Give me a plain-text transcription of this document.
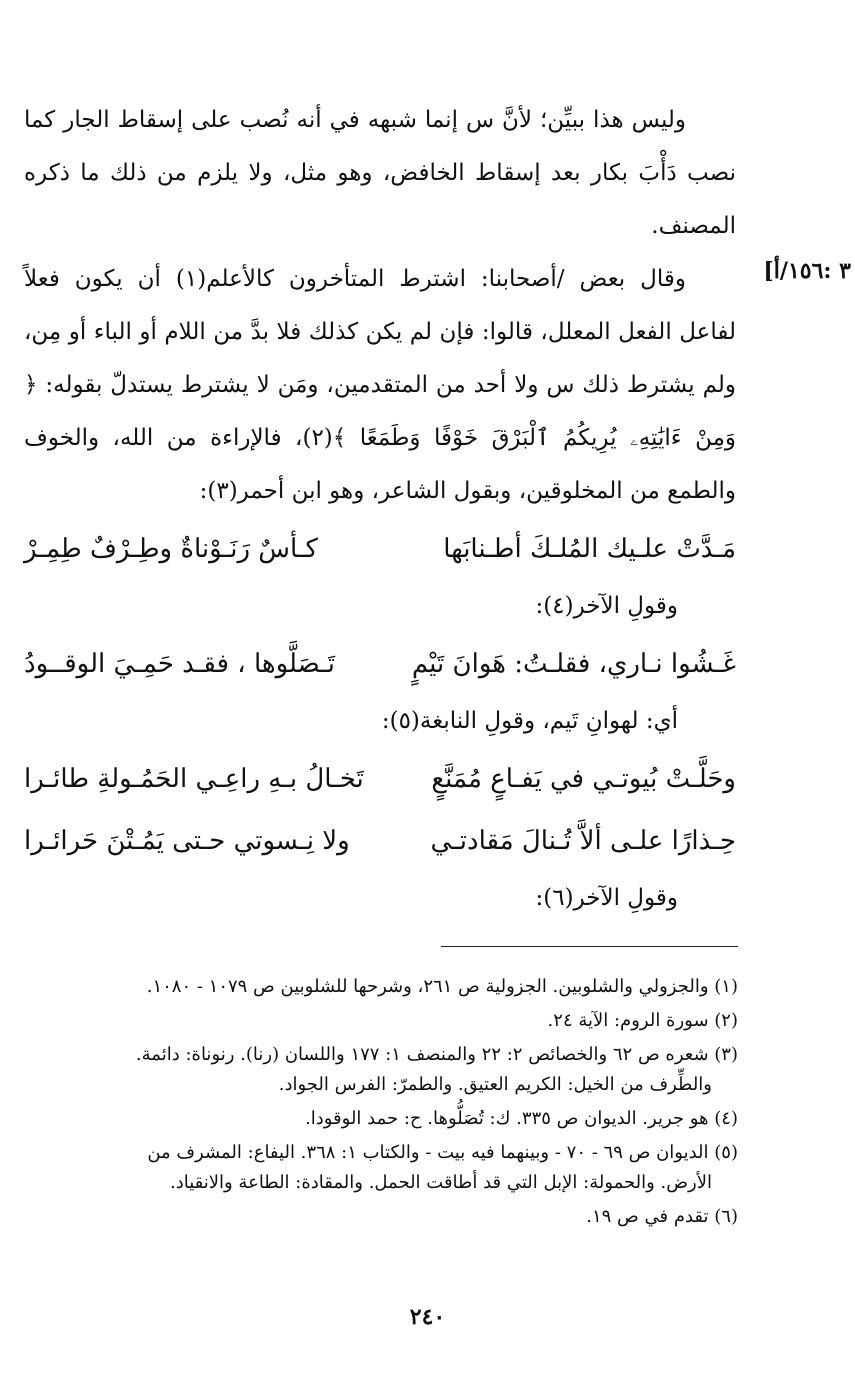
٣ :١٥٦/أ]

وليس هذا ببيِّن؛ لأنَّ س إنما شبهه في أنه نُصب على إسقاط الجار كما نصب دَأْبَ بكار بعد إسقاط الخافض، وهو مثل، ولا يلزم من ذلك ما ذكره المصنف.

وقال بعض /أصحابنا: اشترط المتأخرون كالأعلم(١) أن يكون فعلاً لفاعل الفعل المعلل، قالوا: فإن لم يكن كذلك فلا بدَّ من اللام أو الباء أو مِن، ولم يشترط ذلك س ولا أحد من المتقدمين، ومَن لا يشترط يستدلّ بقوله: ﴿ وَمِنْ ءَايَٰتِهِۦ يُرِيكُمُ ٱلْبَرْقَ خَوْفًا وَطَمَعًا ﴾(٢)، فالإراءة من الله، والخوف والطمع من المخلوقين، وبقول الشاعر، وهو ابن أحمر(٣):

مَـدَّتْ علـيك المُلـكَ أطـنابَها
كـأسٌ رَنَـوْناةٌ وطِـرْفٌ طِمِـرْ

وقولِ الآخر(٤):

غَـشُوا نـاري، فقلـتُ: هَوانَ تَيْمٍ
تَـصَلَّوها ، فقـد حَمِـيَ الوقــودُ

أي: لهوانِ تَيم، وقولِ النابغة(٥):

وحَلَّـتْ بُيوتـي في يَفـاعٍ مُمَنَّعٍ
تَخـالُ بـهِ راعِـي الحَمُـولةِ طائـرا
حِـذارًا علـى ألاَّ تُـنالَ مَقادتـي
ولا نِـسوتي حـتى يَمُـتْنَ حَرائـرا

وقولِ الآخر(٦):

(١) والجزولي والشلوبين. الجزولية ص ٢٦١، وشرحها للشلوبين ص ١٠٧٩ - ١٠٨٠.

(٢) سورة الروم: الآية ٢٤.

(٣) شعره ص ٦٢ والخصائص ٢: ٢٢ والمنصف ١: ١٧٧ واللسان (رنا). رنوناة: دائمة.

والطِّرف من الخيل: الكريم العتيق. والطمرّ: الفرس الجواد.

(٤) هو جرير. الديوان ص ٣٣٥. ك: تُصَلُّوها. ح: حمد الوقودا.

(٥) الديوان ص ٦٩ - ٧٠ - وبينهما فيه بيت - والكتاب ١: ٣٦٨. اليفاع: المشرف من

الأرض. والحمولة: الإبل التي قد أطاقت الحمل. والمقادة: الطاعة والانقياد.

(٦) تقدم في ص ١٩.

٢٤٠
